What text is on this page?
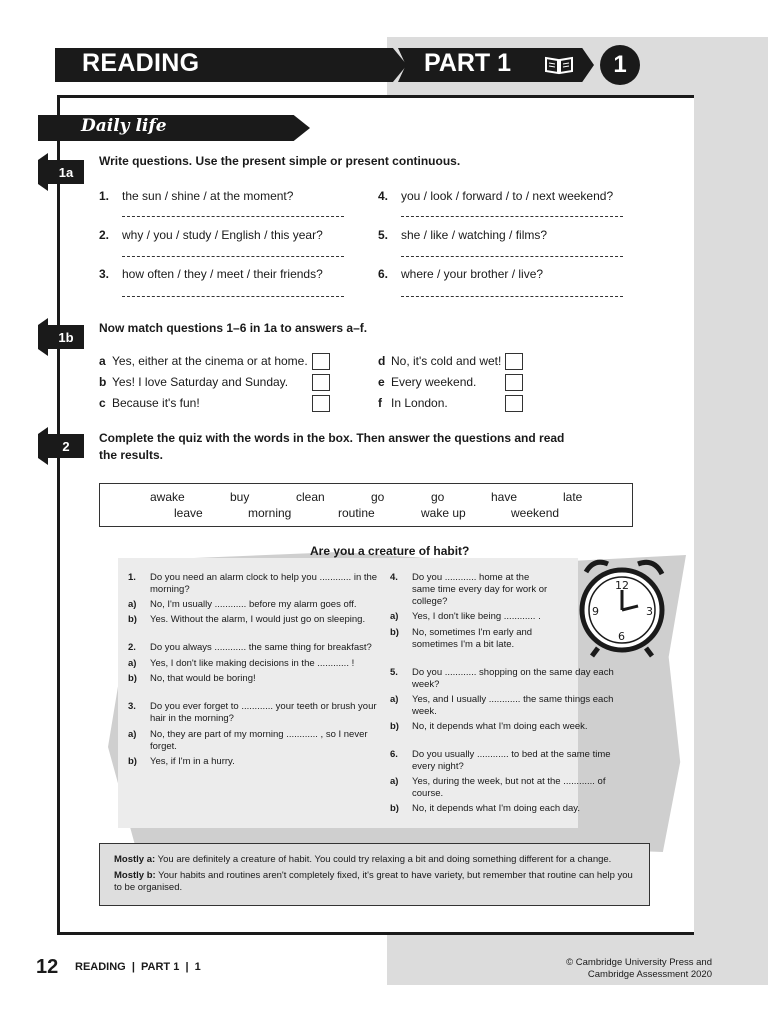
READING	PART 1	1
Daily life
1a
Write questions. Use the present simple or present continuous.
1. the sun / shine / at the moment?
2. why / you / study / English / this year?
3. how often / they / meet / their friends?
4. you / look / forward / to / next weekend?
5. she / like / watching / films?
6. where / your brother / live?
1b
Now match questions 1–6 in 1a to answers a–f.
a Yes, either at the cinema or at home.
b Yes! I love Saturday and Sunday.
c Because it's fun!
d No, it's cold and wet!
e Every weekend.
f In London.
2
Complete the quiz with the words in the box. Then answer the questions and read
the results.
awake	buy	clean	go	go	have	late
leave	morning	routine	wake up	weekend
Are you a creature of habit?
1. Do you need an alarm clock to help you ............ in the morning?
a) No, I'm usually ............ before my alarm goes off.
b) Yes. Without the alarm, I would just go on sleeping.
2. Do you always ............ the same thing for breakfast?
a) Yes, I don't like making decisions in the ............ !
b) No, that would be boring!
3. Do you ever forget to ............ your teeth or brush your hair in the morning?
a) No, they are part of my morning ............ , so I never forget.
b) Yes, if I'm in a hurry.
4. Do you ............ home at the same time every day for work or college?
a) Yes, I don't like being ............ .
b) No, sometimes I'm early and sometimes I'm a bit late.
5. Do you ............ shopping on the same day each week?
a) Yes, and I usually ............ the same things each week.
b) No, it depends what I'm doing each week.
6. Do you usually ............ to bed at the same time every night?
a) Yes, during the week, but not at the ............ of course.
b) No, it depends what I'm doing each day.
12
3
6
9

Mostly a: You are definitely a creature of habit. You could try relaxing a bit and doing something different for a change.

Mostly b: Your habits and routines aren't completely fixed, it's great to have variety, but remember that routine can help you to be organised.

12 READING  |  PART 1  |  1	© Cambridge University Press and
Cambridge Assessment 2020
